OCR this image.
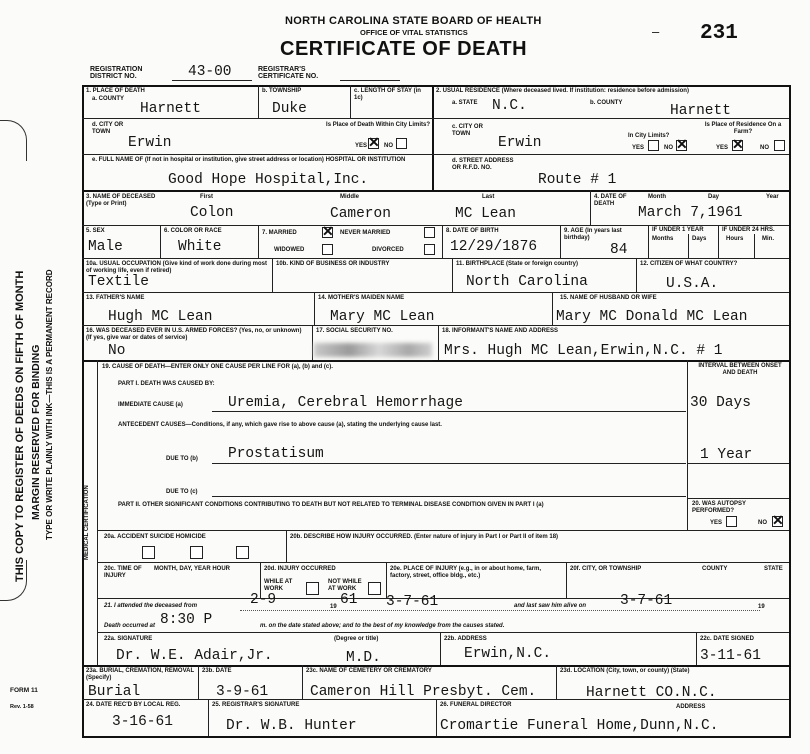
THIS COPY TO REGISTER OF DEEDS ON FIFTH OF MONTH MARGIN RESERVED FOR BINDING TYPE OR WRITE PLAINLY WITH INK—THIS IS A PERMANENT RECORD
FORM 11
Rev. 1-58
NORTH CAROLINA STATE BOARD OF HEALTH
OFFICE OF VITAL STATISTICS
CERTIFICATE OF DEATH
231
‒
REGISTRATION DISTRICT NO.	43-00	REGISTRAR'S CERTIFICATE NO.
1. PLACE OF DEATH
a. COUNTY
Harnett
b. TOWNSHIP
Duke
c. LENGTH OF STAY (in 1c)
2. USUAL RESIDENCE (Where deceased lived. If institution: residence before admission)
a. STATE N.C.	b. COUNTY	Harnett
d. CITY OR TOWN
Erwin
Is Place of Death Within City Limits?
YES ✕ NO
c. CITY OR TOWN
Erwin	In City Limits?
Is Place of Residence On a Farm?
YES	NO ✕	YES ✕	NO
e. FULL NAME OF (If not in hospital or institution, give street address or location) HOSPITAL OR INSTITUTION
Good Hope Hospital,Inc.
d. STREET ADDRESS OR R.F.D. NO.
Route # 1
3. NAME OF DECEASED (Type or Print)
First
Colon
Middle
Cameron
Last
MC Lean
4. DATE OF DEATH
Month	Day	Year
March 7,1961
5. SEX
Male
6. COLOR OR RACE
White
7. MARRIED ✕ NEVER MARRIED
WIDOWED	DIVORCED
8. DATE OF BIRTH
12/29/1876
9. AGE (In years last birthday)
84
IF UNDER 1 YEAR
Months	Days
IF UNDER 24 HRS.
Hours	Min.
10a. USUAL OCCUPATION (Give kind of work done during most of working life, even if retired)
Textile
10b. KIND OF BUSINESS OR INDUSTRY	11. BIRTHPLACE (State or foreign country)
North Carolina
12. CITIZEN OF WHAT COUNTRY?
U.S.A.
13. FATHER'S NAME
Hugh MC Lean
14. MOTHER'S MAIDEN NAME
Mary MC Lean
15. NAME OF HUSBAND OR WIFE
Mary MC Donald MC Lean
16. WAS DECEASED EVER IN U.S. ARMED FORCES? (Yes, no, or unknown) (If yes, give war or dates of service)
No
17. SOCIAL SECURITY NO.	18. INFORMANT'S NAME AND ADDRESS
Mrs. Hugh MC Lean,Erwin,N.C. # 1
MEDICAL CERTIFICATION
19. CAUSE OF DEATH—ENTER ONLY ONE CAUSE PER LINE FOR (a), (b) and (c).
PART I. DEATH WAS CAUSED BY:
IMMEDIATE CAUSE (a)	Uremia, Cerebral Hemorrhage
INTERVAL BETWEEN ONSET AND DEATH
30 Days
ANTECEDENT CAUSES—Conditions, if any, which gave rise to above cause (a), stating the underlying cause last.
DUE TO (b) Prostatisum	1 Year
DUE TO (c)
PART II. OTHER SIGNIFICANT CONDITIONS CONTRIBUTING TO DEATH BUT NOT RELATED TO TERMINAL DISEASE CONDITION GIVEN IN PART I (a)	20. WAS AUTOPSY PERFORMED?
YES	NO ✕
20a. ACCIDENT SUICIDE HOMICIDE	20b. DESCRIBE HOW INJURY OCCURRED. (Enter nature of injury in Part I or Part II of item 18)
20c. TIME OF INJURY
MONTH, DAY, YEAR HOUR	20d. INJURY OCCURRED
WHILE AT WORK
NOT WHILE AT WORK
20e. PLACE OF INJURY (e.g., in or about home, farm, factory, street, office bldg., etc.)
20f. CITY, OR TOWNSHIP	COUNTY	STATE
21. I attended the deceased from	2-9	19 61 3-7-61	and last saw him alive on 3-7-61	19
Death occurred at 8:30 P	m. on the date stated above; and to the best of my knowledge from the causes stated.
22a. SIGNATURE	(Degree or title)
Dr. W.E. Adair,Jr.	M.D.
22b. ADDRESS
Erwin,N.C.
22c. DATE SIGNED
3-11-61
23a. BURIAL, CREMATION, REMOVAL (Specify)
Burial
23b. DATE
3-9-61
23c. NAME OF CEMETERY OR CREMATORY
Cameron Hill Presbyt. Cem.
23d. LOCATION (City, town, or county) (State)
Harnett CO.N.C.
24. DATE REC'D BY LOCAL REG.
3-16-61
25. REGISTRAR'S SIGNATURE
Dr. W.B. Hunter
26. FUNERAL DIRECTOR	ADDRESS
Cromartie Funeral Home,Dunn,N.C.
